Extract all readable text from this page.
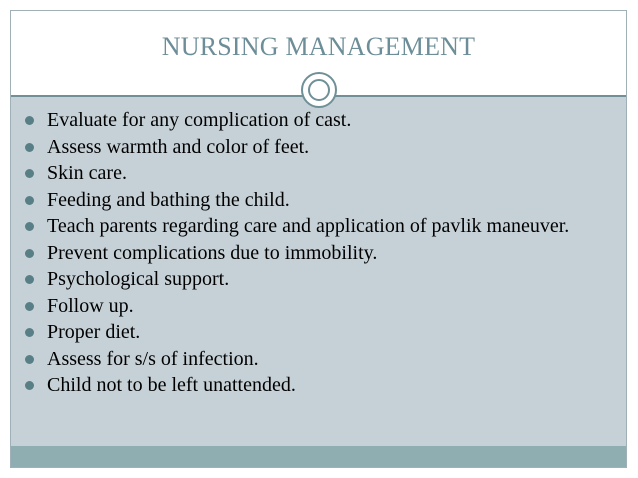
NURSING MANAGEMENT
Evaluate for any complication of cast.
Assess warmth and color of feet.
Skin care.
Feeding and bathing the child.
Teach parents regarding care and application of pavlik maneuver.
Prevent complications due to immobility.
Psychological support.
Follow up.
Proper diet.
Assess for s/s of infection.
Child not to be left unattended.
